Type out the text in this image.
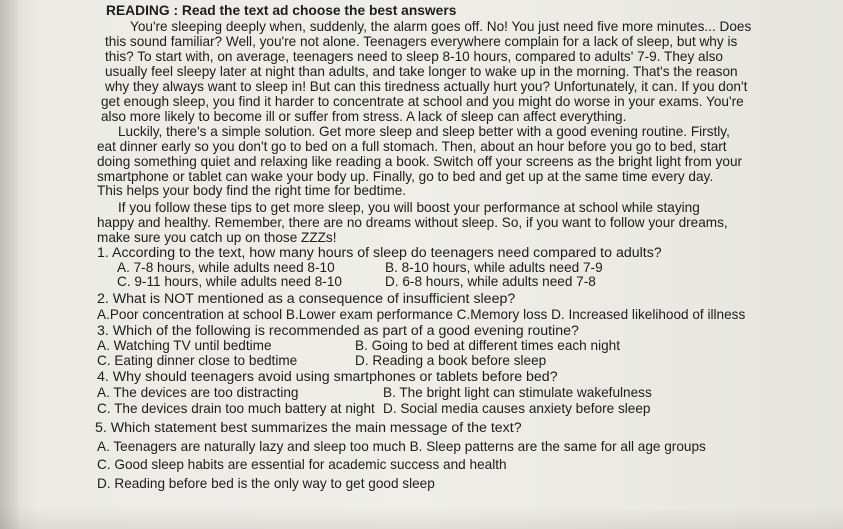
READING : Read the text ad choose the best answers
You're sleeping deeply when, suddenly, the alarm goes off. No! You just need five more minutes... Does
this sound familiar? Well, you're not alone. Teenagers everywhere complain for a lack of sleep, but why is
this? To start with, on average, teenagers need to sleep 8-10 hours, compared to adults' 7-9. They also
usually feel sleepy later at night than adults, and take longer to wake up in the morning. That's the reason
why they always want to sleep in! But can this tiredness actually hurt you? Unfortunately, it can. If you don't
get enough sleep, you find it harder to concentrate at school and you might do worse in your exams. You're
also more likely to become ill or suffer from stress. A lack of sleep can affect everything.
Luckily, there's a simple solution. Get more sleep and sleep better with a good evening routine. Firstly,
eat dinner early so you don't go to bed on a full stomach. Then, about an hour before you go to bed, start
doing something quiet and relaxing like reading a book. Switch off your screens as the bright light from your
smartphone or tablet can wake your body up. Finally, go to bed and get up at the same time every day.
This helps your body find the right time for bedtime.
If you follow these tips to get more sleep, you will boost your performance at school while staying
happy and healthy. Remember, there are no dreams without sleep. So, if you want to follow your dreams,
make sure you catch up on those ZZZs!
1. According to the text, how many hours of sleep do teenagers need compared to adults?
A. 7-8 hours, while adults need 8-10	B. 8-10 hours, while adults need 7-9
C. 9-11 hours, while adults need 8-10	D. 6-8 hours, while adults need 7-8
2. What is NOT mentioned as a consequence of insufficient sleep?
A.Poor concentration at school B.Lower exam performance C.Memory loss D. Increased likelihood of illness
3. Which of the following is recommended as part of a good evening routine?
A. Watching TV until bedtime	B. Going to bed at different times each night
C. Eating dinner close to bedtime	D. Reading a book before sleep
4. Why should teenagers avoid using smartphones or tablets before bed?
A. The devices are too distracting	B. The bright light can stimulate wakefulness
C. The devices drain too much battery at night D. Social media causes anxiety before sleep
5. Which statement best summarizes the main message of the text?
A. Teenagers are naturally lazy and sleep too much B. Sleep patterns are the same for all age groups
C. Good sleep habits are essential for academic success and health
D. Reading before bed is the only way to get good sleep
